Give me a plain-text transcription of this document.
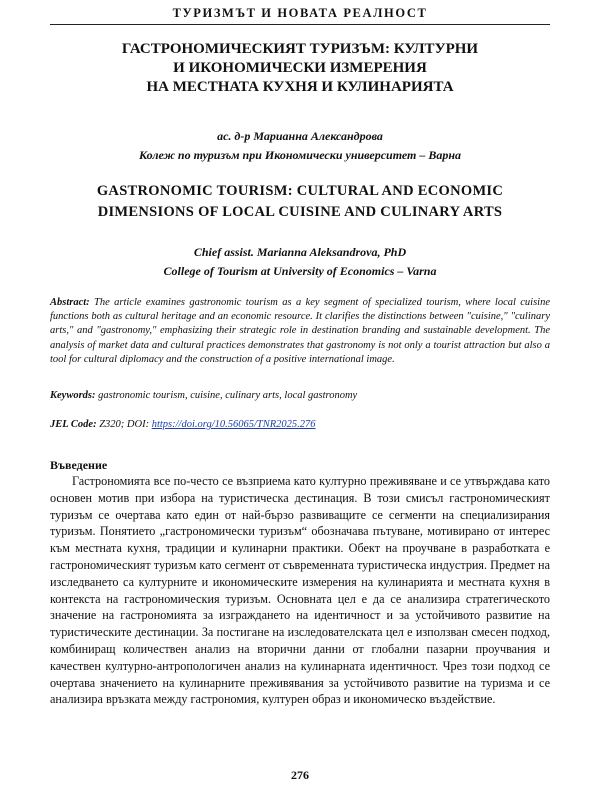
ТУРИЗМЪТ И НОВАТА РЕАЛНОСТ
ГАСТРОНОМИЧЕСКИЯТ ТУРИЗЪМ: КУЛТУРНИ
И ИКОНОМИЧЕСКИ ИЗМЕРЕНИЯ
НА МЕСТНАТА КУХНЯ И КУЛИНАРИЯТА
ас. д-р Марианна Александрова
Колеж по туризъм при Икономически университет – Варна
GASTRONOMIC TOURISM: CULTURAL AND ECONOMIC
DIMENSIONS OF LOCAL CUISINE AND CULINARY ARTS
Chief assist. Marianna Aleksandrova, PhD
College of Tourism at University of Economics – Varna
Abstract: The article examines gastronomic tourism as a key segment of specialized tourism, where local cuisine functions both as cultural heritage and an economic resource. It clarifies the distinctions between "cuisine," "culinary arts," and "gastronomy," emphasizing their strategic role in destination branding and sustainable development. The analysis of market data and cultural practices demonstrates that gastronomy is not only a tourist attraction but also a tool for cultural diplomacy and the construction of a positive international image.
Keywords: gastronomic tourism, cuisine, culinary arts, local gastronomy
JEL Code: Z320; DOI: https://doi.org/10.56065/TNR2025.276
Въведение
Гастрономията все по-често се възприема като културно преживяване и се утвърждава като основен мотив при избора на туристическа дестинация. В този смисъл гастрономическият туризъм се очертава като един от най-бързо развиващите се сегменти на специализирания туризъм. Понятието „гастрономически туризъм“ обозначава пътуване, мотивирано от интерес към местната кухня, традиции и кулинарни практики. Обект на проучване в разработката е гастрономическият туризъм като сегмент от съвременната туристическа индустрия. Предмет на изследването са културните и икономическите измерения на кулинарията и местната кухня в контекста на гастрономическия туризъм. Основната цел е да се анализира стратегическото значение на гастрономията за изграждането на идентичност и за устойчивото развитие на туристическите дестинации. За постигане на изследователската цел е използван смесен подход, комбиниращ количествен анализ на вторични данни от глобални пазарни проучвания и качествен културно-антропологичен анализ на кулинарната идентичност. Чрез този подход се очертава значението на кулинарните преживявания за устойчивото развитие на туризма и се анализира връзката между гастрономия, културен образ и икономическо въздействие.
276
